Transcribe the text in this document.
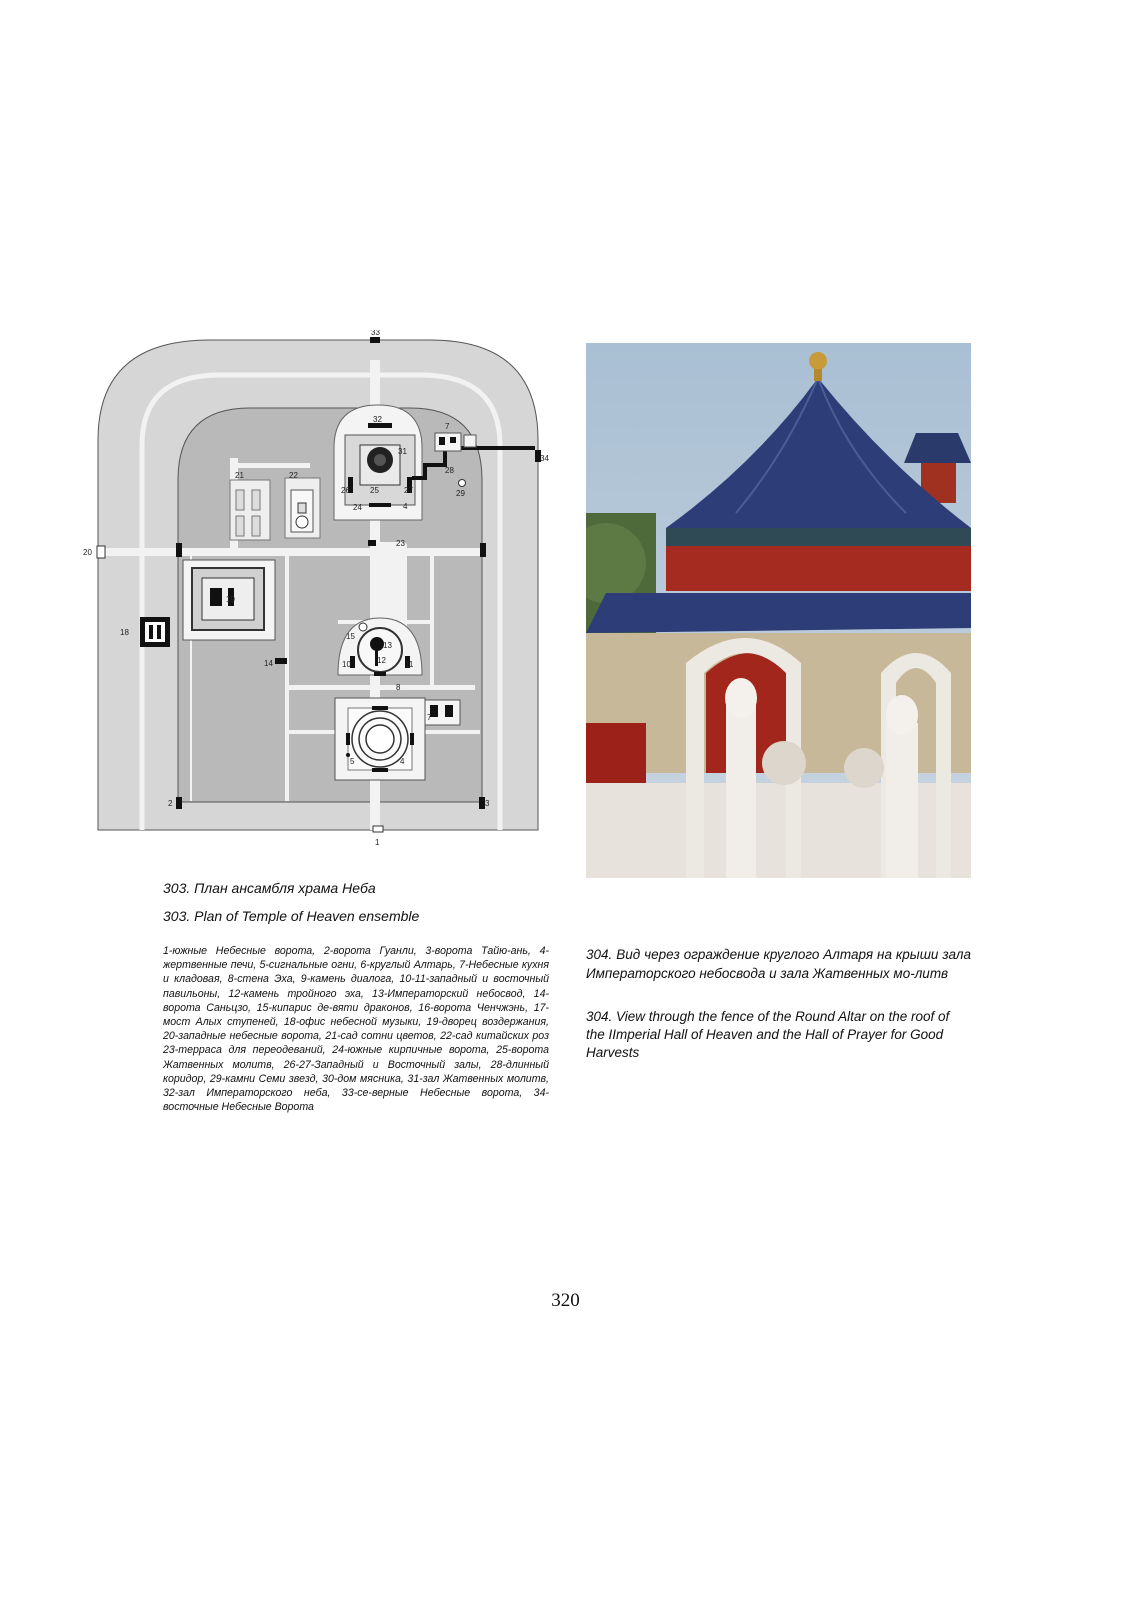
33
32
31
25
26	27
24	4
7
28
29
34
21	22
23
20
19
18	15
13
12
10	11
14
8
7
5	4
2	3
1
303. План ансамбля храма Неба
303. Plan of Temple of Heaven ensemble
1-южные Небесные ворота, 2-ворота Гуанли, 3-ворота Тайю-ань, 4-жертвенные печи, 5-сигнальные огни, 6-круглый Алтарь, 7-Небесные кухня и кладовая, 8-стена Эха, 9-камень диалога, 10-11-западный и восточный павильоны, 12-камень тройного эха, 13-Императорский небосвод, 14-ворота Саньцзо, 15-кипарис де-вяти драконов, 16-ворота Ченчжэнь, 17-мост Алых ступеней, 18-офис небесной музыки, 19-дворец воздержания, 20-западные небесные ворота, 21-сад сотни цветов, 22-сад китайских роз 23-терраса для переодеваний, 24-южные кирпичные ворота, 25-ворота Жатвенных молитв, 26-27-Западный и Восточный залы, 28-длинный коридор, 29-камни Семи звезд, 30-дом мясника, 31-зал Жатвенных молитв, 32-зал Императорского неба, 33-се-верные Небесные ворота, 34-восточные Небесные Ворота
304. Вид через ограждение круглого Алтаря на крыши зала Императорского небосвода и зала Жатвенных мо-литв
304. View through the fence of the Round Altar on the roof of the IImperial Hall of Heaven and the Hall of Prayer for Good Harvests
320
